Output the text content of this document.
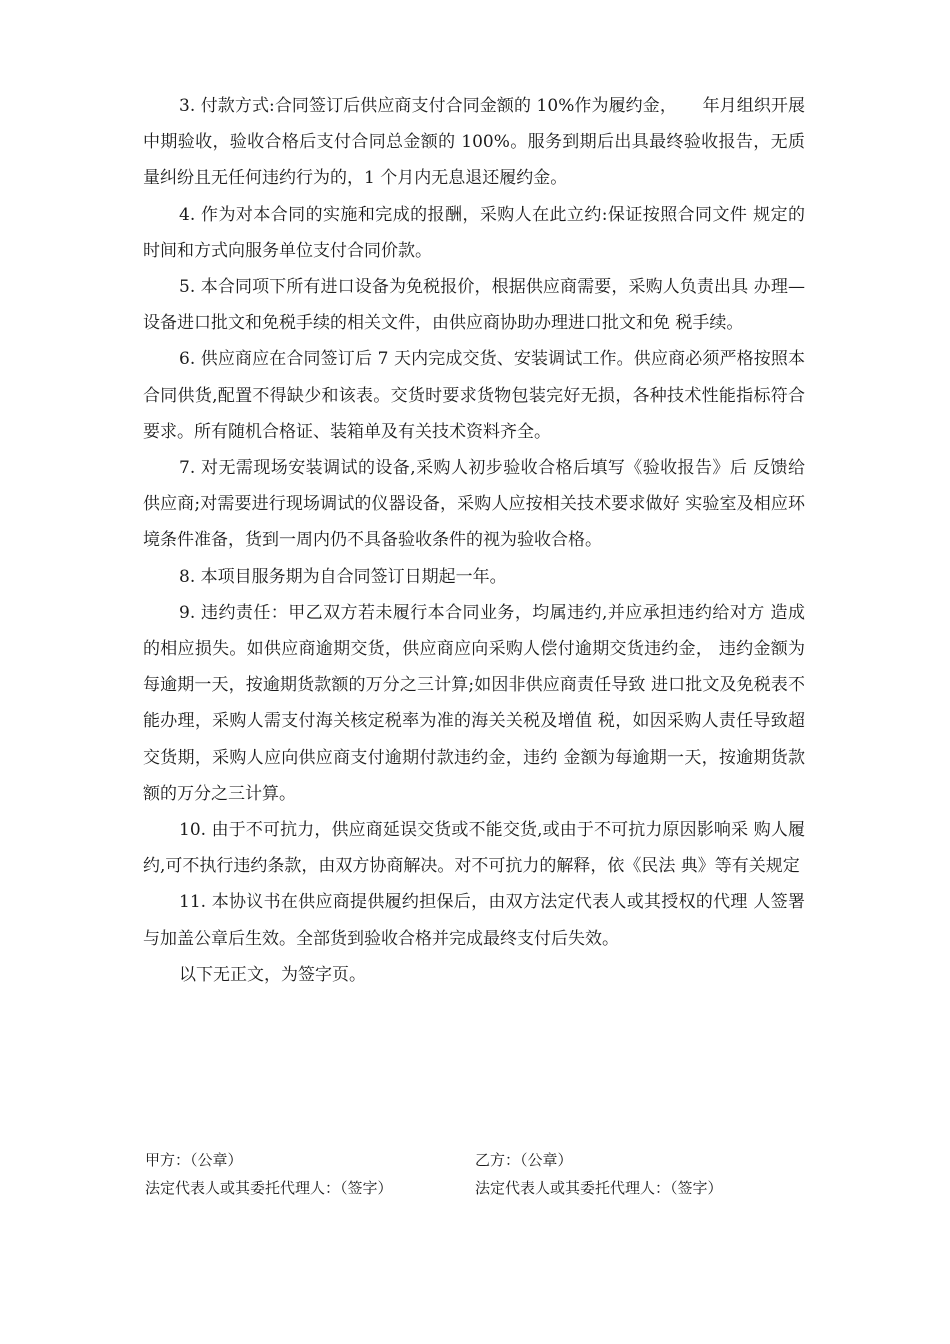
3. 付款方式:合同签订后供应商支付合同金额的 10%作为履约金，　　年月组织开展中期验收，验收合格后支付合同总金额的 100%。服务到期后出具最终验收报告，无质量纠纷且无任何违约行为的，1 个月内无息退还履约金。

4. 作为对本合同的实施和完成的报酬，采购人在此立约:保证按照合同文件 规定的时间和方式向服务单位支付合同价款。

5. 本合同项下所有进口设备为免税报价，根据供应商需要，采购人负责出具 办理—设备进口批文和免税手续的相关文件，由供应商协助办理进口批文和免 税手续。

6. 供应商应在合同签订后 7 天内完成交货、安装调试工作。供应商必须严格按照本合同供货,配置不得缺少和该表。交货时要求货物包装完好无损，各种技术性能指标符合要求。所有随机合格证、装箱单及有关技术资料齐全。

7. 对无需现场安装调试的设备,采购人初步验收合格后填写《验收报告》后 反馈给供应商;对需要进行现场调试的仪器设备，采购人应按相关技术要求做好 实验室及相应环境条件准备，货到一周内仍不具备验收条件的视为验收合格。

8. 本项目服务期为自合同签订日期起一年。

9. 违约责任：甲乙双方若未履行本合同业务，均属违约,并应承担违约给对方 造成的相应损失。如供应商逾期交货，供应商应向采购人偿付逾期交货违约金， 违约金额为每逾期一天，按逾期货款额的万分之三计算;如因非供应商责任导致 进口批文及免税表不能办理，采购人需支付海关核定税率为准的海关关税及增值 税，如因采购人责任导致超交货期，采购人应向供应商支付逾期付款违约金，违约 金额为每逾期一天，按逾期货款额的万分之三计算。

10. 由于不可抗力，供应商延误交货或不能交货,或由于不可抗力原因影响采 购人履约,可不执行违约条款，由双方协商解决。对不可抗力的解释，依《民法 典》等有关规定

11. 本协议书在供应商提供履约担保后，由双方法定代表人或其授权的代理 人签署与加盖公章后生效。全部货到验收合格并完成最终支付后失效。

以下无正文，为签字页。

甲方：（公章）	乙方：（公章）
法定代表人或其委托代理人：（签字）	法定代表人或其委托代理人：（签字）
